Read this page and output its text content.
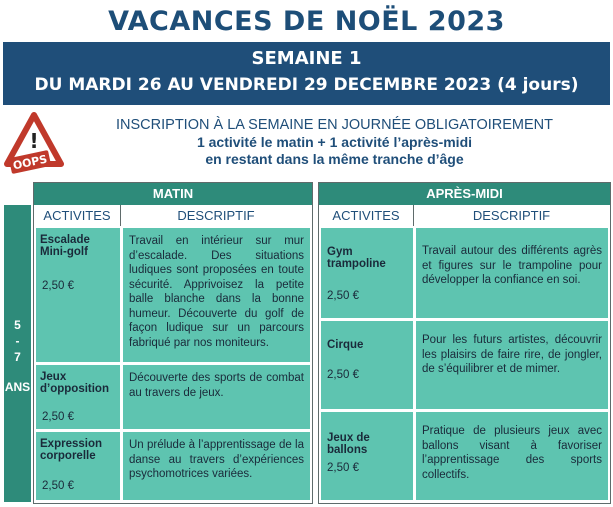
VACANCES DE NOËL 2023
SEMAINE 1
DU MARDI 26 AU VENDREDI 29 DECEMBRE 2023 (4 jours)
!
OOPS
INSCRIPTION À LA SEMAINE EN JOURNÉE OBLIGATOIREMENT
1 activité le matin + 1 activité l’après-midi
en restant dans la même tranche d’âge
5
-
7
ANS
MATIN
ACTIVITES	DESCRIPTIF
Escalade Mini-golf
2,50 €
Travail en intérieur sur mur d’escalade. Des situations ludiques sont proposées en toute sécurité. Apprivoisez la petite balle blanche dans la bonne humeur. Découverte du golf de façon ludique sur un parcours fabriqué par nos moniteurs.
Jeux d’opposition
2,50 €
Découverte des sports de combat au travers de jeux.
Expression corporelle
2,50 €
Un prélude à l’apprentissage de la danse au travers d’expériences psychomotrices variées.
APRÈS-MIDI
ACTIVITES	DESCRIPTIF
Gym trampoline
2,50 €
Travail autour des différents agrès et figures sur le trampoline pour développer la confiance en soi.
Cirque
2,50 €
Pour les futurs artistes, découvrir les plaisirs de faire rire, de jongler, de s’équilibrer et de mimer.
Jeux de ballons
2,50 €
Pratique de plusieurs jeux avec ballons visant à favoriser l’apprentissage des sports collectifs.
